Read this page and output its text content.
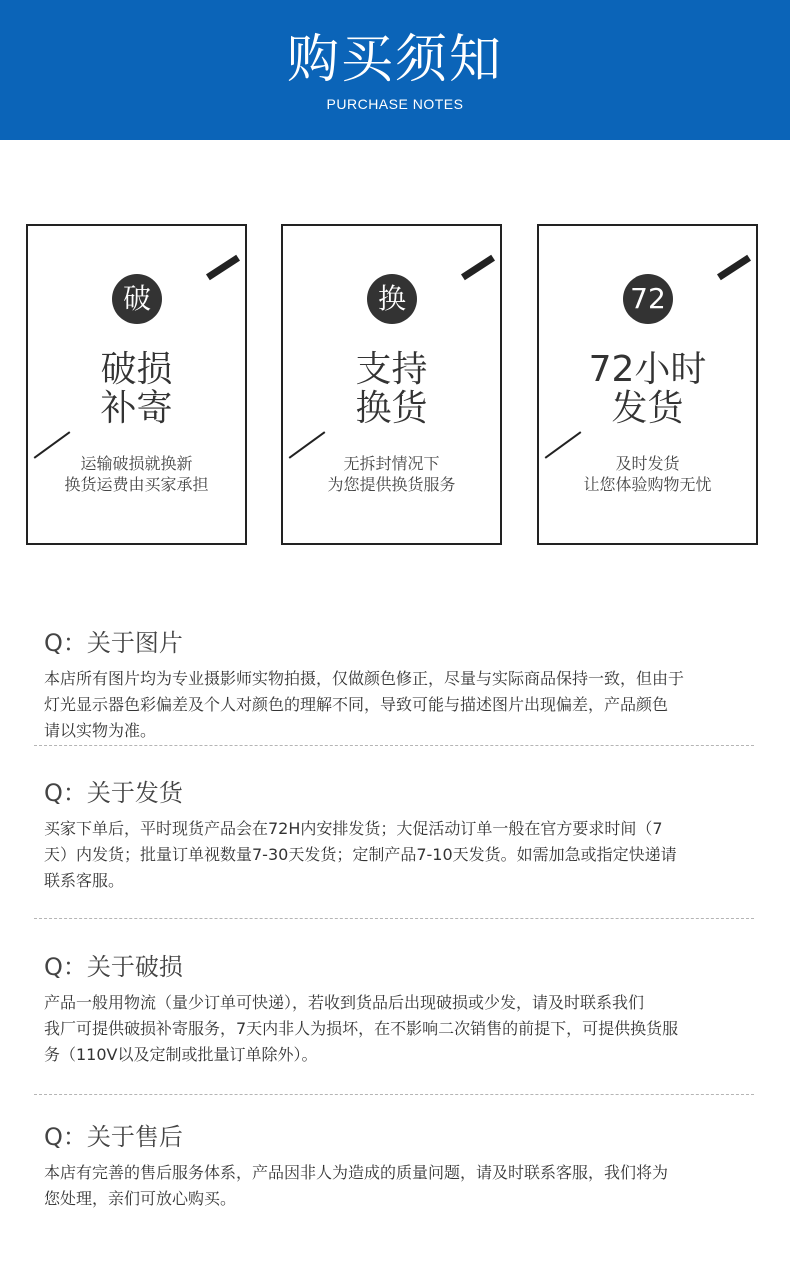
购买须知
PURCHASE NOTES
破
破损
补寄
运输破损就换新
换货运费由买家承担
换
支持
换货
无拆封情况下
为您提供换货服务
72
72小时
发货
及时发货
让您体验购物无忧
Q：关于图片
本店所有图片均为专业摄影师实物拍摄，仅做颜色修正，尽量与实际商品保持一致，但由于
灯光显示器色彩偏差及个人对颜色的理解不同，导致可能与描述图片出现偏差，产品颜色
请以实物为准。
Q：关于发货
买家下单后，平时现货产品会在72H内安排发货；大促活动订单一般在官方要求时间（7
天）内发货；批量订单视数量7-30天发货；定制产品7-10天发货。如需加急或指定快递请
联系客服。
Q：关于破损
产品一般用物流（量少订单可快递），若收到货品后出现破损或少发，请及时联系我们
我厂可提供破损补寄服务，7天内非人为损坏，在不影响二次销售的前提下，可提供换货服
务（110V以及定制或批量订单除外）。
Q：关于售后
本店有完善的售后服务体系，产品因非人为造成的质量问题，请及时联系客服，我们将为
您处理，亲们可放心购买。
